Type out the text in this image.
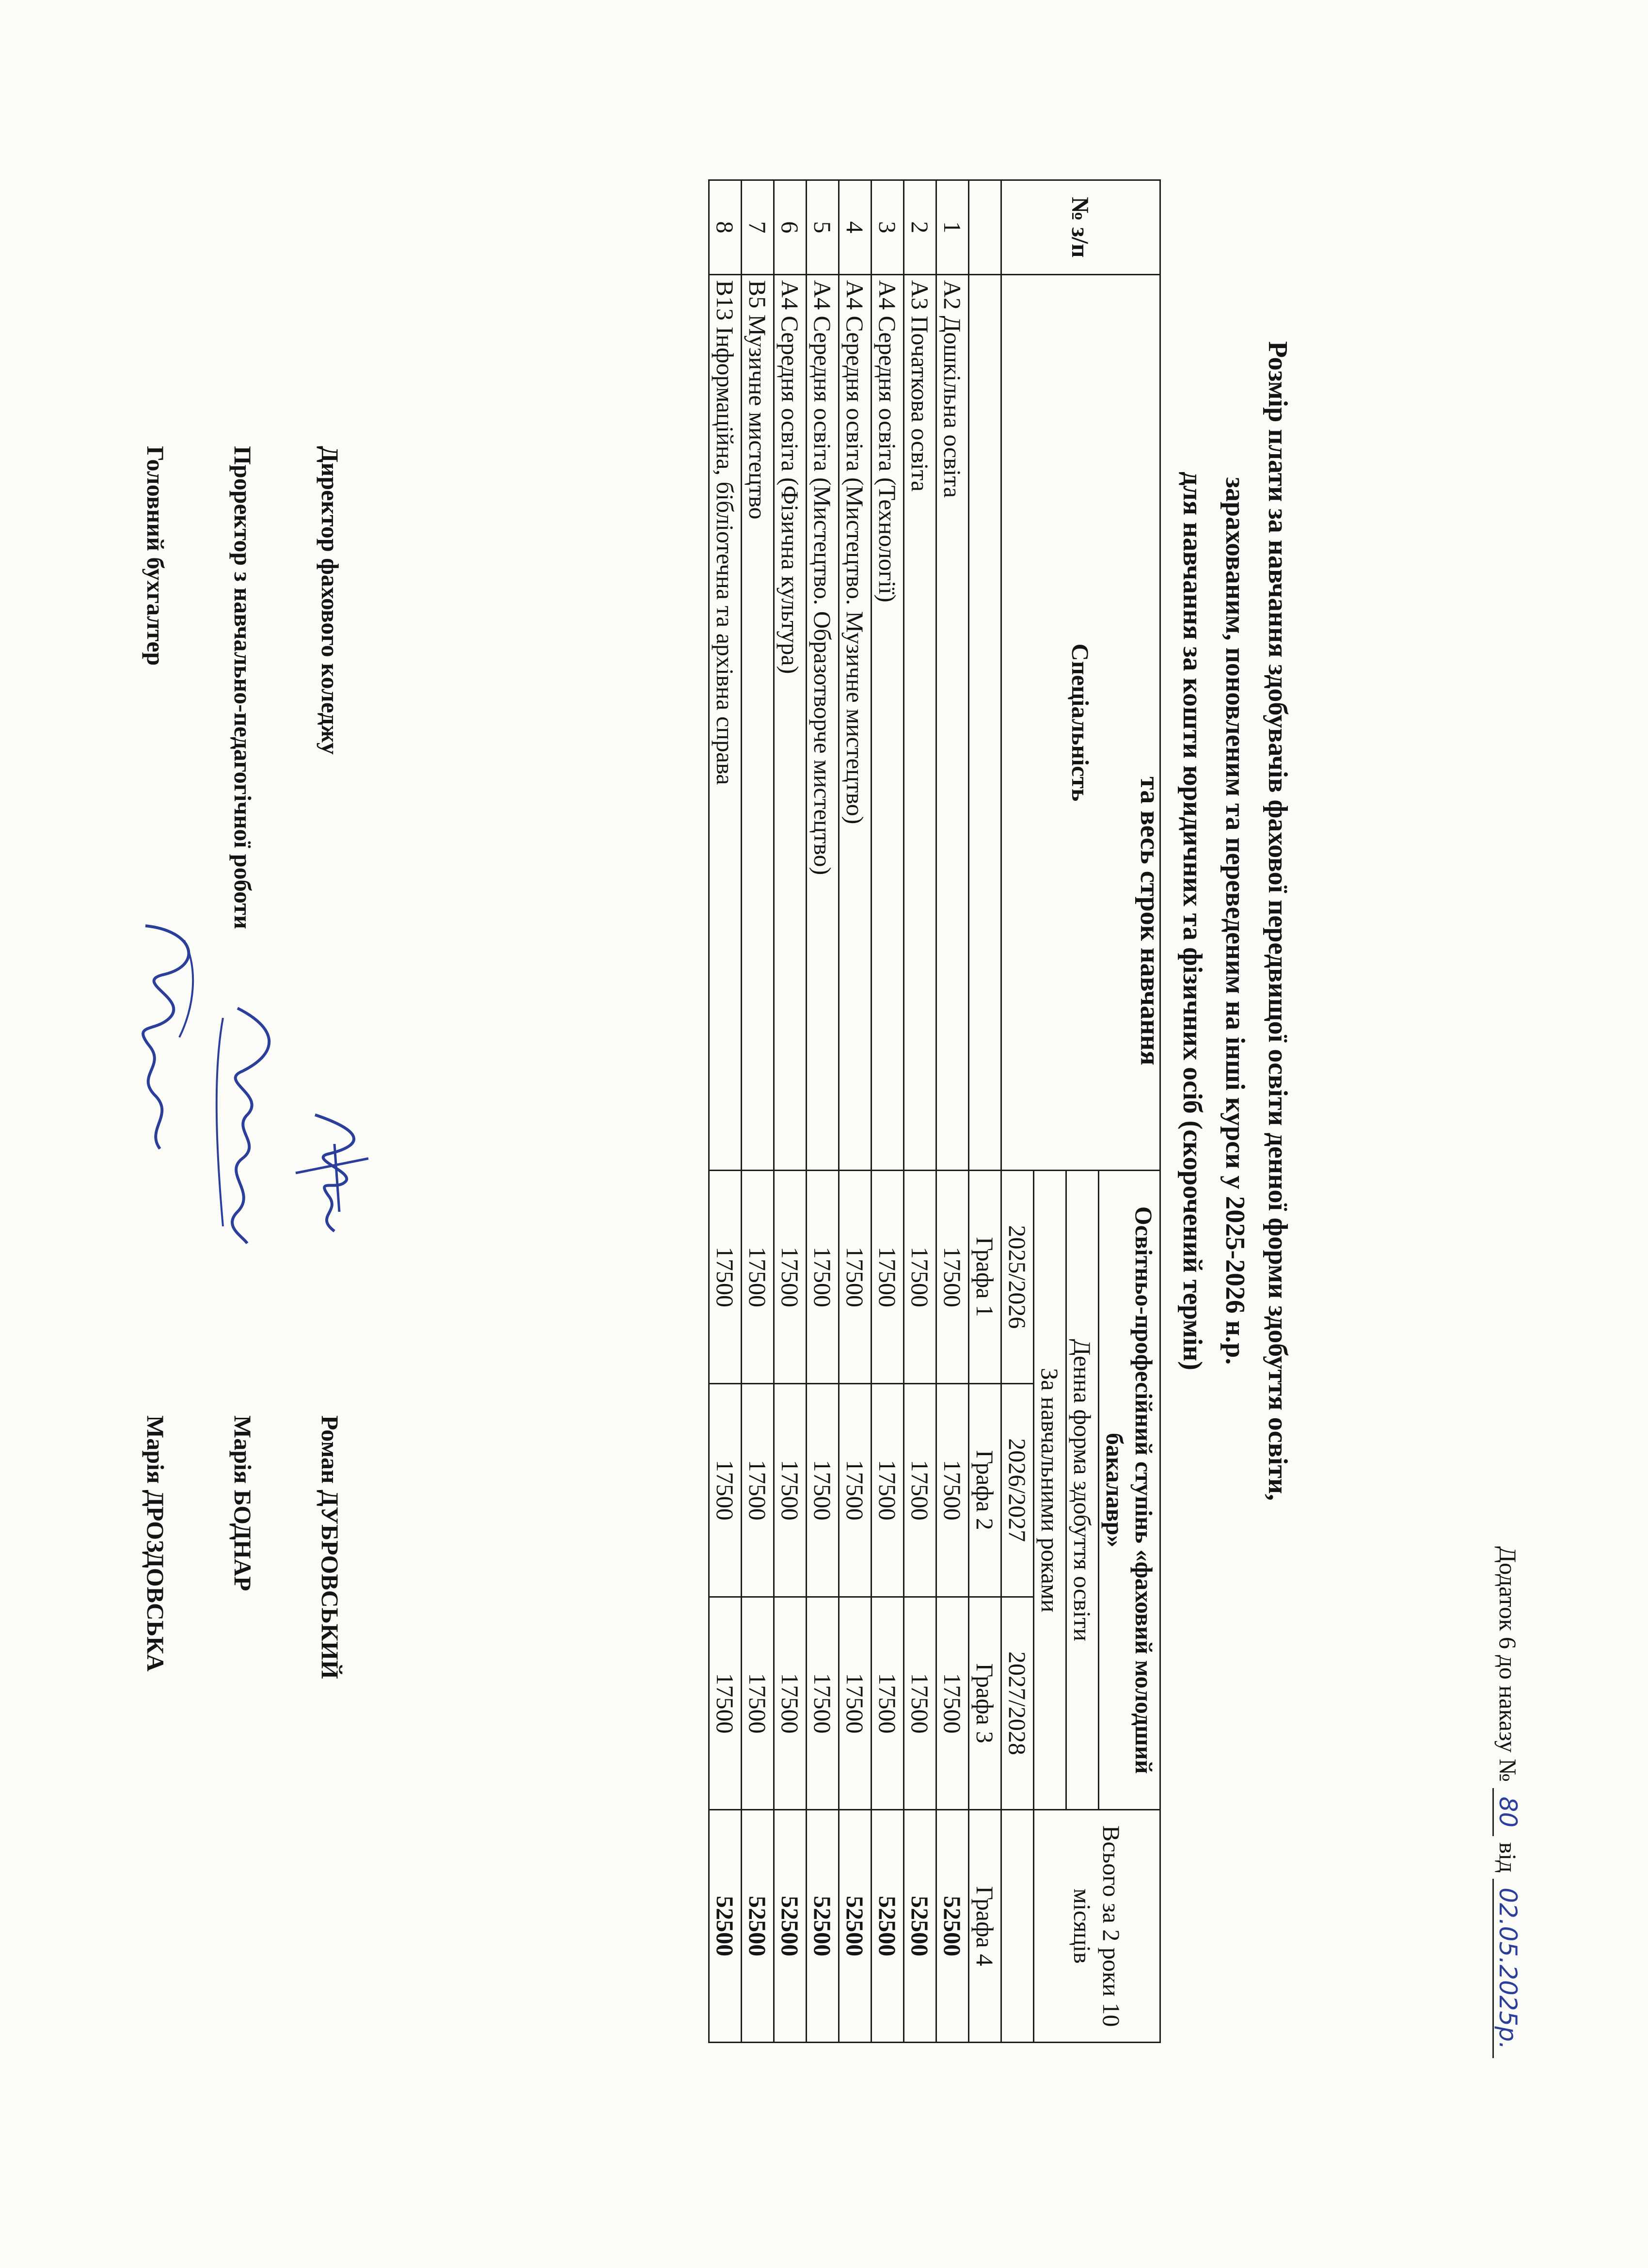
Додаток 6 до наказу № 80 від 02.05.2025р.
Розмір плати за навчання здобувачів фахової передвищої освіти денної форми здобуття освіти,
зарахованим, поновленим та переведеним на інші курси у 2025-2026 н.р.
для навчання за кошти юридичних та фізичних осіб (скорочений термін)
та весь строк навчання
№ з/п	Спеціальність	Освітньо-професійний ступінь «фаховий молодший бакалавр»			Всього за 2 роки 10 місяців
		Денна форма здобуття освіти			
		За навчальними роками			
		2025/2026	2026/2027	2027/2028	
		Графа 1	Графа 2	Графа 3	Графа 4
1	А2 Дошкільна освіта	17500	17500	17500	52500
2	А3 Початкова освіта	17500	17500	17500	52500
3	А4 Середня освіта (Технології)	17500	17500	17500	52500
4	А4 Середня освіта (Мистецтво. Музичне мистецтво)	17500	17500	17500	52500
5	А4 Середня освіта (Мистецтво. Образотворче мистецтво)	17500	17500	17500	52500
6	А4 Середня освіта (Фізична культура)	17500	17500	17500	52500
7	В5 Музичне мистецтво	17500	17500	17500	52500
8	В13 Інформаційна, бібліотечна та архівна справа	17500	17500	17500	52500
Директор фахового коледжу
Роман ДУБРОВСЬКИЙ
Проректор з навчально-педагогічної роботи
Марія БОДНАР
Головний бухгалтер
Марія ДРОЗДОВСЬКА
